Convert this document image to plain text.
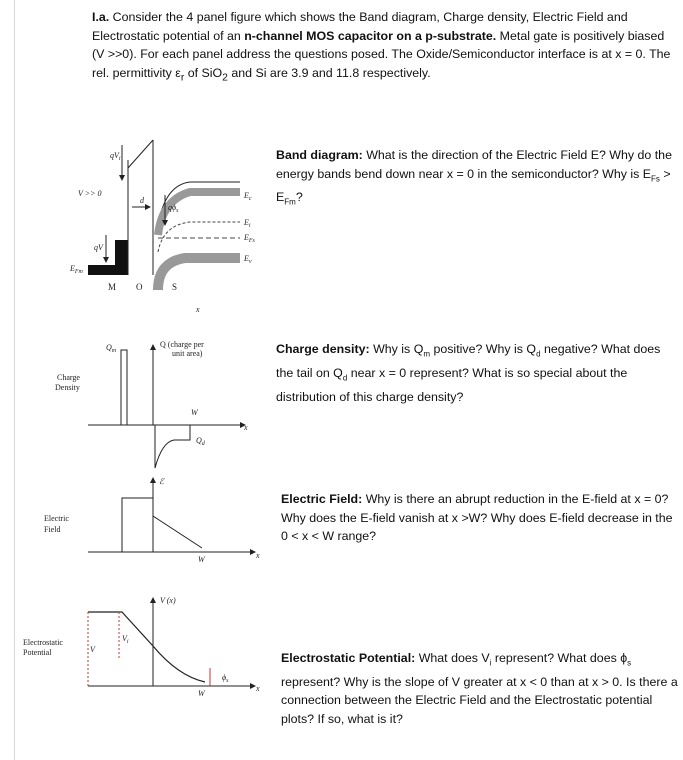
I.a. Consider the 4 panel figure which shows the Band diagram, Charge density, Electric Field and Electrostatic potential of an n-channel MOS capacitor on a p-substrate. Metal gate is positively biased (V >>0). For each panel address the questions posed. The Oxide/Semiconductor interface is at x = 0. The rel. permittivity $\varepsilon_r$ of SiO$_2$ and Si are 3.9 and 11.8 respectively.
Band diagram: What is the direction of the Electric Field E? Why do the energy bands bend down near x = 0 in the semiconductor? Why is $E_{Fs} > E_{Fm}$?
Charge density: Why is $Q_m$ positive? Why is $Q_d$ negative? What does the tail on $Q_d$ near x = 0 represent? What is so special about the distribution of this charge density?
Electric Field: Why is there an abrupt reduction in the E-field at x = 0? Why does the E-field vanish at x >W? Why does E-field decrease in the 0 < x < W range?
Electrostatic Potential: What does $V_i$ represent? What does $\phi_s$ represent? Why is the slope of V greater at x < 0 than at x > 0. Is there a connection between the Electric Field and the Electrostatic potential plots? If so, what is it?
$E_{Fm}$
$E_c$
$E_i$
$E_{Fs}$
$E_v$
$qV_i$
V >> 0
d
$q\phi_s$
qV
M O	S
x
Charge
Density
$Q_m$
Q (charge per
unit area)
W
$Q_d$
x
Electric
Field
ℰ
W	x
Electrostatic
Potential
V (x)
$V_i$
V
$\phi_s$
W
x
